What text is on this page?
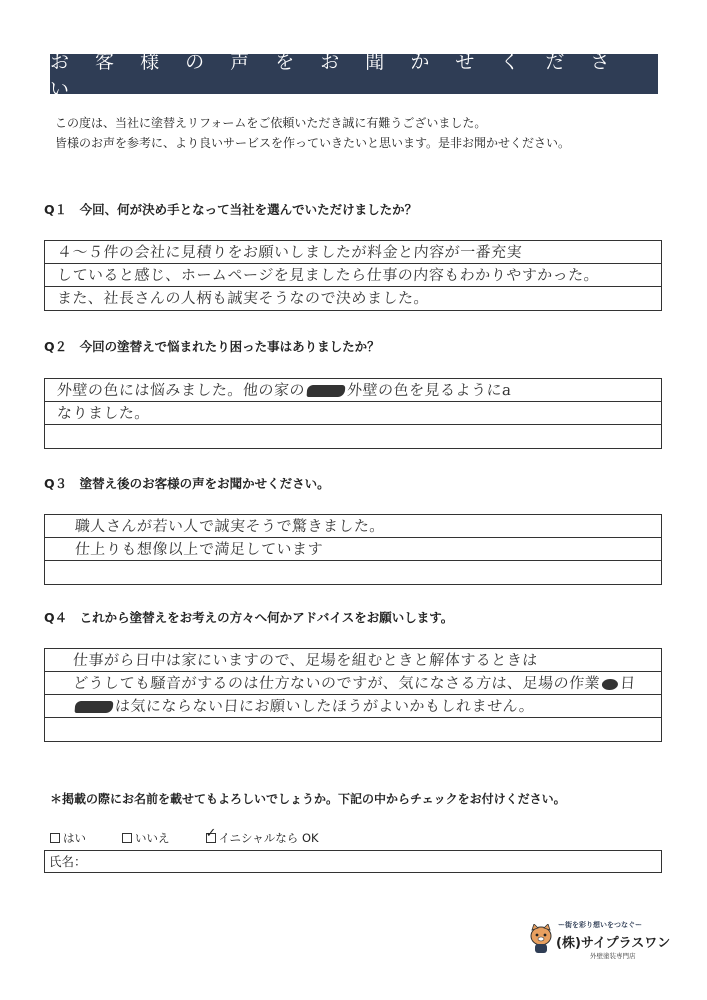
お 客 様 の 声 を お 聞 か せ く だ さ い
この度は、当社に塗替えリフォームをご依頼いただき誠に有難うございました。
皆様のお声を参考に、より良いサービスを作っていきたいと思います。是非お聞かせください。
Q１　今回、何が決め手となって当社を選んでいただけましたか？
４～５件の会社に見積りをお願いしましたが料金と内容が一番充実
していると感じ、ホームページを見ましたら仕事の内容もわかりやすかった。
また、社長さんの人柄も誠実そうなので決めました。
Q２　今回の塗替えで悩まれたり困った事はありましたか？
外壁の色には悩みました。他の家の	外壁の色を見るようにa
なりました。
Q３　塗替え後のお客様の声をお聞かせください。
職人さんが若い人で誠実そうで驚きました。
仕上りも想像以上で満足しています
Q４　これから塗替えをお考えの方々へ何かアドバイスをお願いします。
仕事がら日中は家にいますので、足場を組むときと解体するときは
どうしても騒音がするのは仕方ないのですが、気になさる方は、足場の作業 日
は気にならない日にお願いしたほうがよいかもしれません。
＊掲載の際にお名前を載せてもよろしいでしょうか。下記の中からチェックをお付けください。
はい	いいえ	✓ イニシャルなら OK
氏名：
ー街を彩り想いをつなぐー
(株)サイプラスワン
外壁塗装専門店
